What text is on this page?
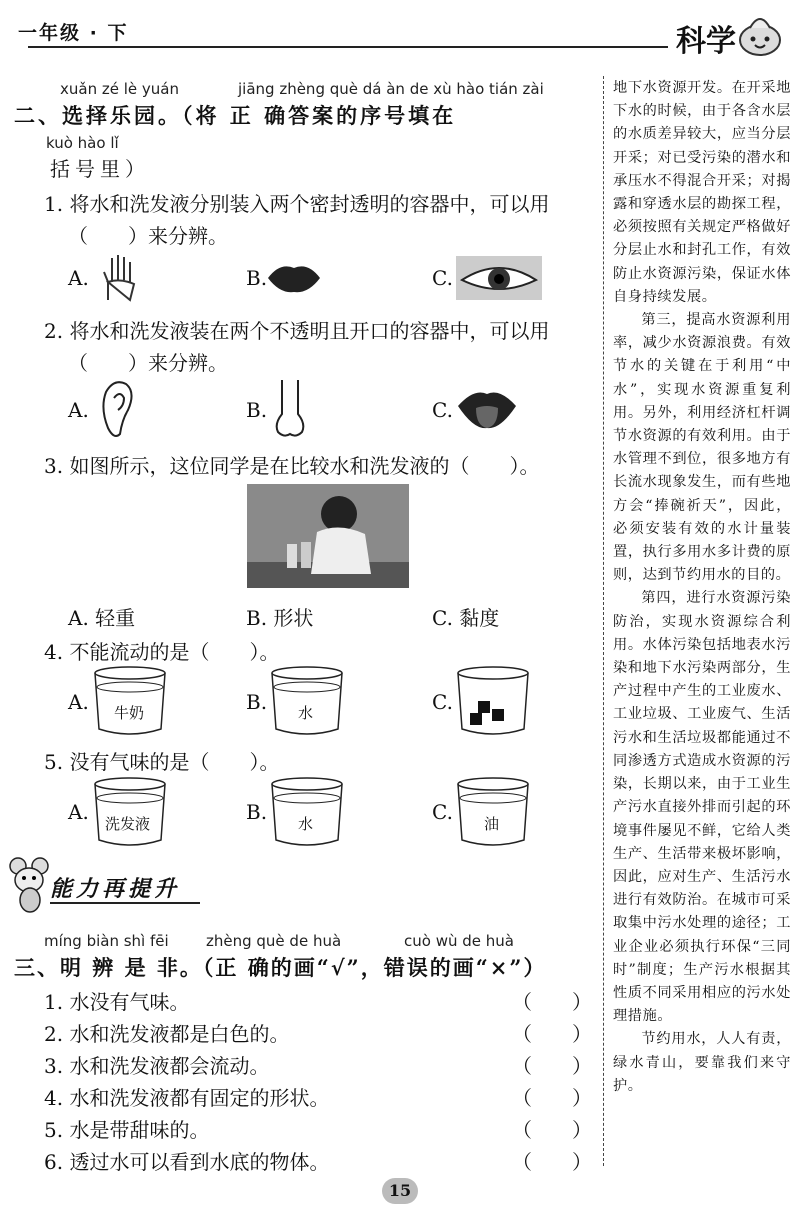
一年级 · 下	科学
xuǎn zé lè yuán	jiāng zhèng què dá àn de xù hào tián zài
二、选择乐园。（将 正 确答案的序号填在
kuò hào lǐ
括号里）
1. 将水和洗发液分别装入两个密封透明的容器中，可以用
（　　）来分辨。
A.	B.	C.
2. 将水和洗发液装在两个不透明且开口的容器中，可以用
（　　）来分辨。
A.	B.	C.
3. 如图所示，这位同学是在比较水和洗发液的（　　）。
A. 轻重	B. 形状	C. 黏度
4. 不能流动的是（　　）。
A. 牛奶	B. 水	C.
5. 没有气味的是（　　）。
A. 洗发液	B. 水	C. 油
能力再提升
míng biàn shì fēi zhèng què de huà	cuò wù de huà
三、明 辨 是 非。（正 确的画“√”，错误的画“×”）
1. 水没有气味。	（　　）
2. 水和洗发液都是白色的。	（　　）
3. 水和洗发液都会流动。	（　　）
4. 水和洗发液都有固定的形状。	（　　）
5. 水是带甜味的。	（　　）
6. 透过水可以看到水底的物体。	（　　）

地下水资源开发。在开采地下水的时候，由于各含水层的水质差异较大，应当分层开采；对已受污染的潜水和承压水不得混合开采；对揭露和穿透水层的勘探工程，必须按照有关规定严格做好分层止水和封孔工作，有效防止水资源污染，保证水体自身持续发展。

第三，提高水资源利用率，减少水资源浪费。有效节水的关键在于利用“中水”，实现水资源重复利用。另外，利用经济杠杆调节水资源的有效利用。由于水管理不到位，很多地方有长流水现象发生，而有些地方会“捧碗祈天”，因此，必须安装有效的水计量装置，执行多用水多计费的原则，达到节约用水的目的。

第四，进行水资源污染防治，实现水资源综合利用。水体污染包括地表水污染和地下水污染两部分，生产过程中产生的工业废水、工业垃圾、工业废气、生活污水和生活垃圾都能通过不同渗透方式造成水资源的污染，长期以来，由于工业生产污水直接外排而引起的环境事件屡见不鲜，它给人类生产、生活带来极坏影响，因此，应对生产、生活污水进行有效防治。在城市可采取集中污水处理的途径；工业企业必须执行环保“三同时”制度；生产污水根据其性质不同采用相应的污水处理措施。

节约用水，人人有责，绿水青山，要靠我们来守护。

15
